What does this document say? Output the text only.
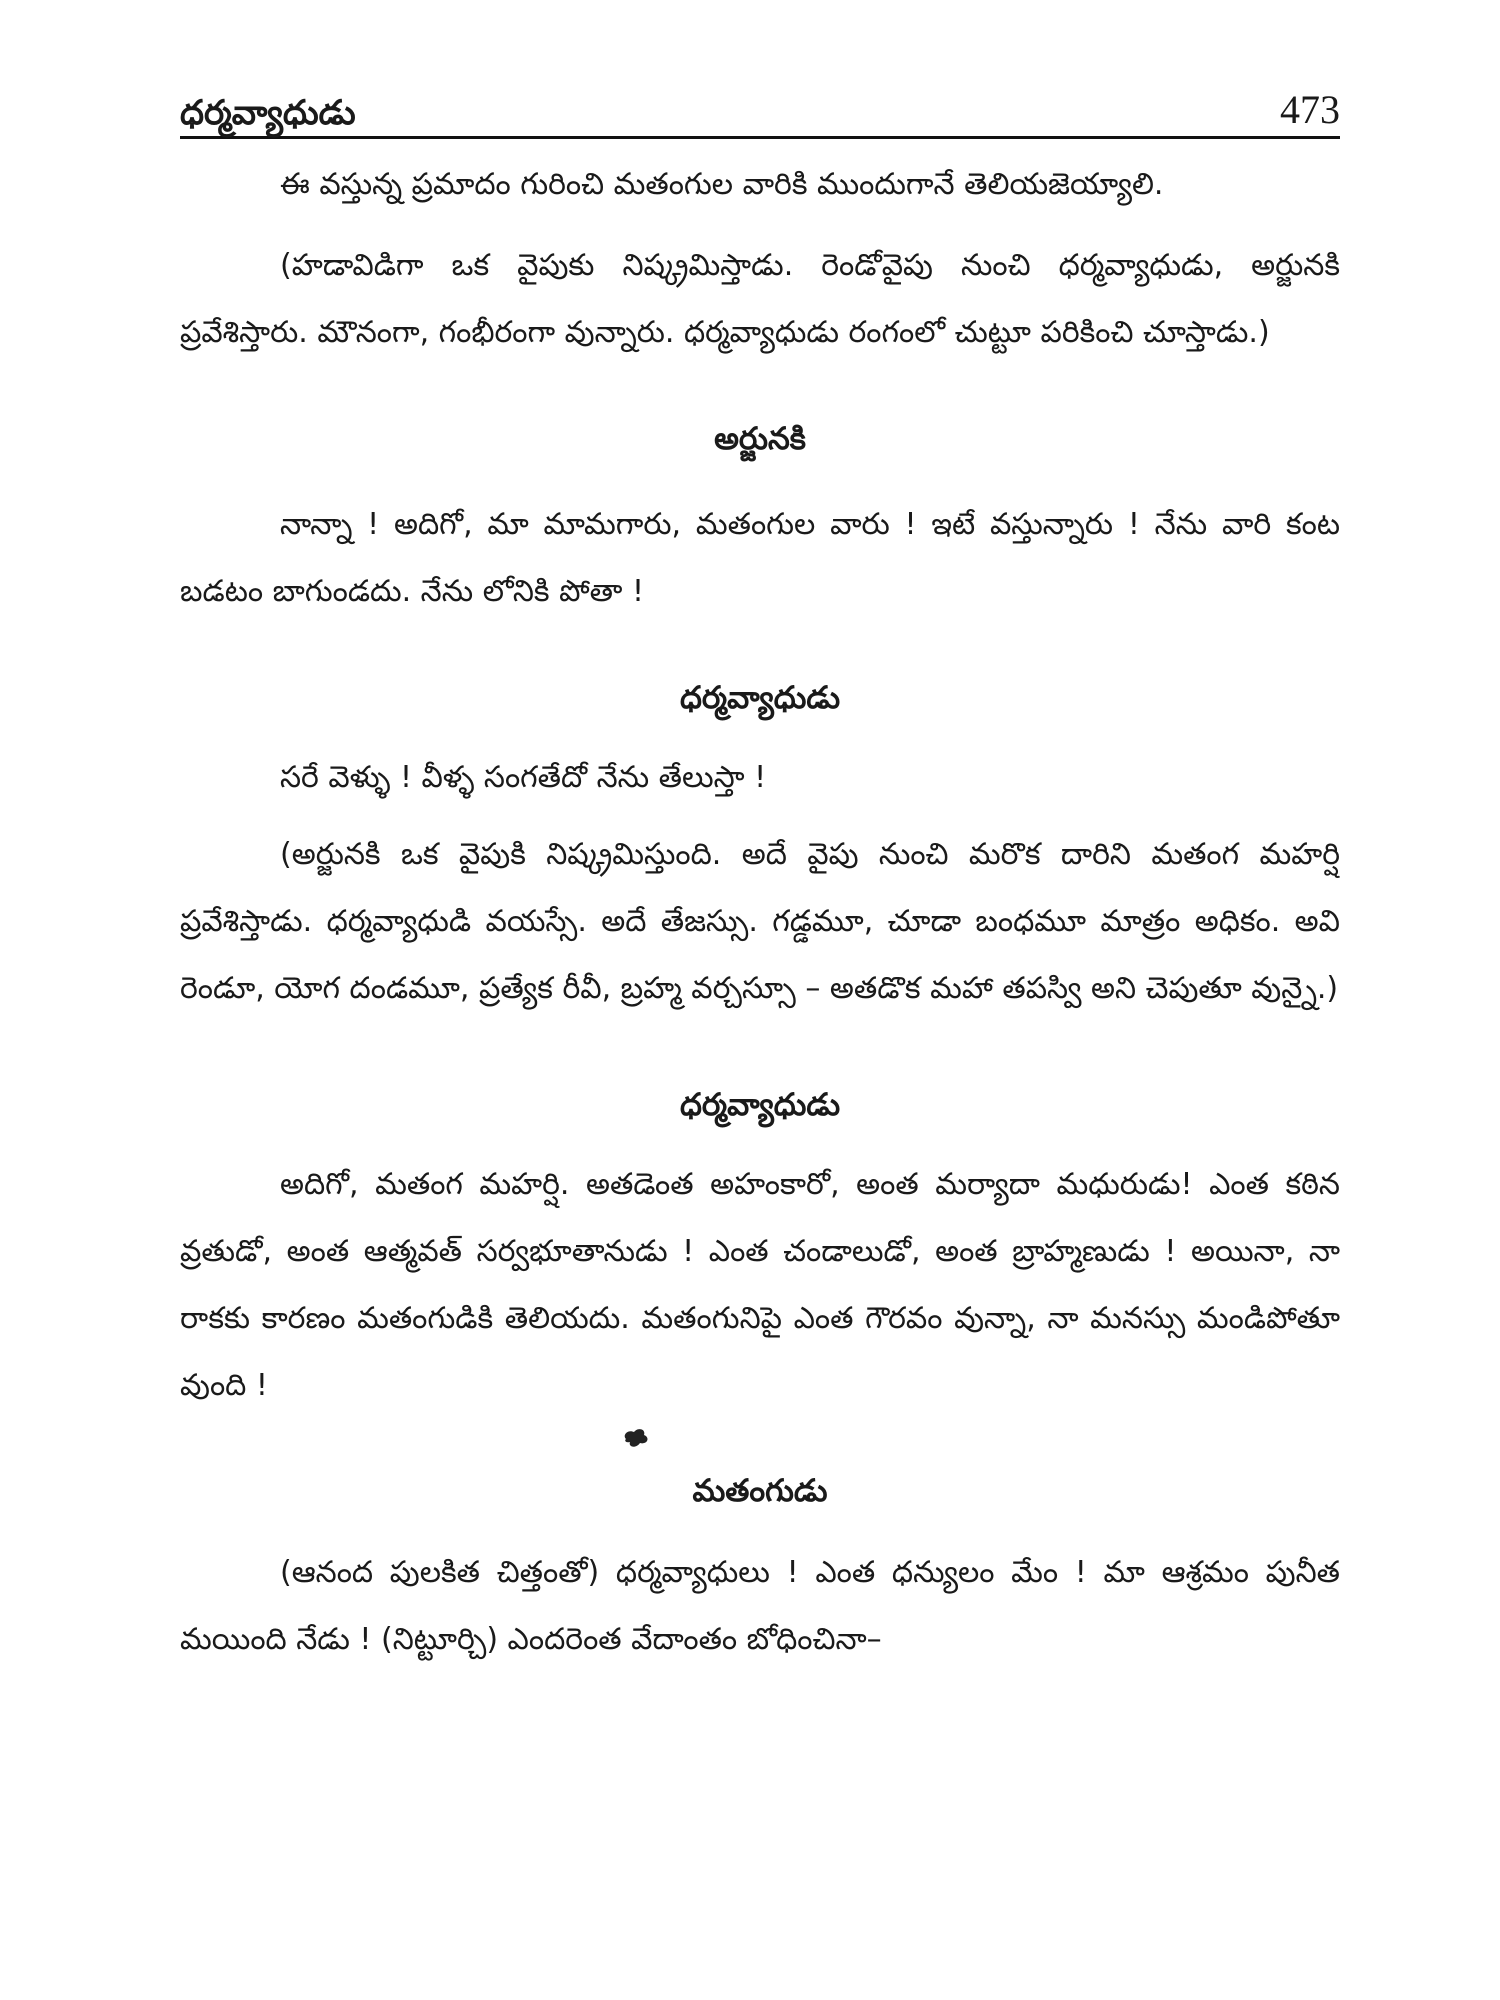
ధర్మవ్యాధుడు	473

ఈ వస్తున్న ప్రమాదం గురించి మతంగుల వారికి ముందుగానే తెలియజెయ్యాలి.

(హడావిడిగా ఒక వైపుకు నిష్క్రమిస్తాడు. రెండోవైపు నుంచి ధర్మవ్యాధుడు, అర్జునకి ప్రవేశిస్తారు. మౌనంగా, గంభీరంగా వున్నారు. ధర్మవ్యాధుడు రంగంలో చుట్టూ పరికించి చూస్తాడు.)

అర్జునకి

నాన్నా ! అదిగో, మా మామగారు, మతంగుల వారు ! ఇటే వస్తున్నారు ! నేను వారి కంట బడటం బాగుండదు. నేను లోనికి పోతా !

ధర్మవ్యాధుడు

సరే వెళ్ళు ! వీళ్ళ సంగతేదో నేను తేలుస్తా !

(అర్జునకి ఒక వైపుకి నిష్క్రమిస్తుంది. అదే వైపు నుంచి మరొక దారిని మతంగ మహర్షి ప్రవేశిస్తాడు. ధర్మవ్యాధుడి వయస్సే. అదే తేజస్సు. గడ్డమూ, చూడా బంధమూ మాత్రం అధికం. అవి రెండూ, యోగ దండమూ, ప్రత్యేక రీవీ, బ్రహ్మ వర్చస్సూ – అతడొక మహా తపస్వి అని చెపుతూ వున్నై.)

ధర్మవ్యాధుడు

అదిగో, మతంగ మహర్షి. అతడెంత అహంకారో, అంత మర్యాదా మధురుడు! ఎంత కఠిన వ్రతుడో, అంత ఆత్మవత్ సర్వభూతానుడు ! ఎంత చండాలుడో, అంత బ్రాహ్మణుడు ! అయినా, నా రాకకు కారణం మతంగుడికి తెలియదు. మతంగునిపై ఎంత గౌరవం వున్నా, నా మనస్సు మండిపోతూ వుంది !

మతంగుడు

(ఆనంద పులకిత చిత్తంతో) ధర్మవ్యాధులు ! ఎంత ధన్యులం మేం ! మా ఆశ్రమం పునీత మయింది నేడు ! (నిట్టూర్చి) ఎందరెంత వేదాంతం బోధించినా–
